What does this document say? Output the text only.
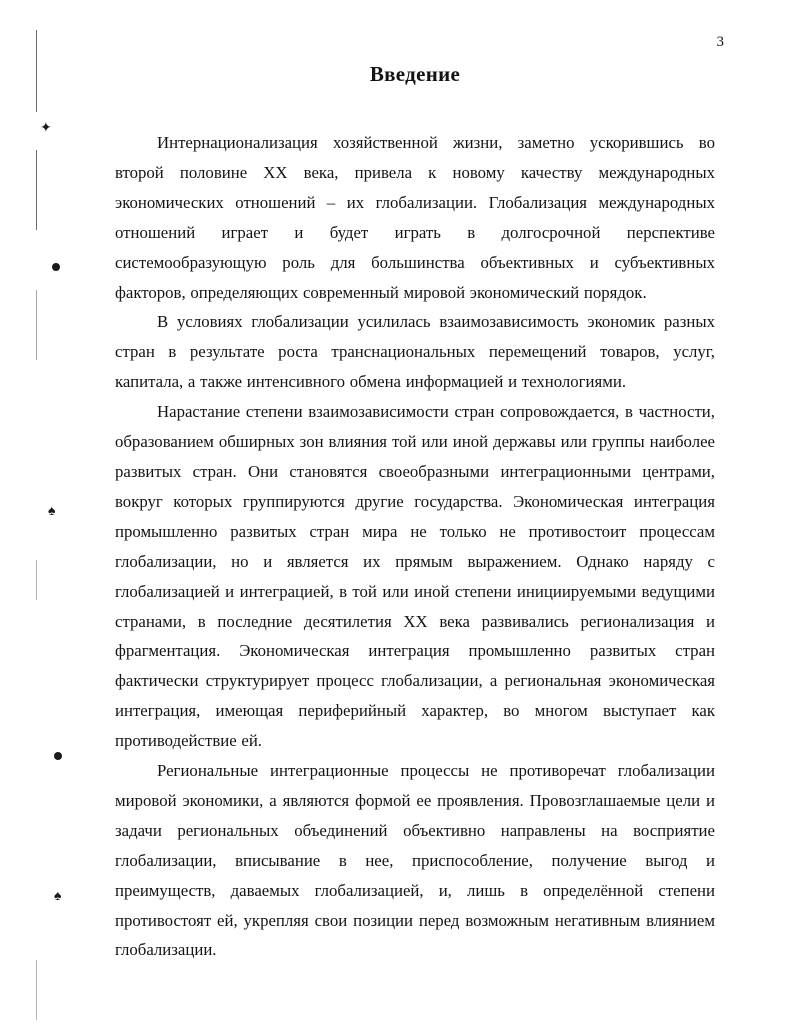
✦
♠
♠
3
Введение

Интернационализация хозяйственной жизни, заметно ускорившись во второй половине XX века, привела к новому качеству международных экономических отношений – их глобализации. Глобализация международных отношений играет и будет играть в долгосрочной перспективе системообразующую роль для большинства объективных и субъективных факторов, определяющих современный мировой экономический порядок.

В условиях глобализации усилилась взаимозависимость экономик разных стран в результате роста транснациональных перемещений товаров, услуг, капитала, а также интенсивного обмена информацией и технологиями.

Нарастание степени взаимозависимости стран сопровождается, в частности, образованием обширных зон влияния той или иной державы или группы наиболее развитых стран. Они становятся своеобразными интеграционными центрами, вокруг которых группируются другие государства. Экономическая интеграция промышленно развитых стран мира не только не противостоит процессам глобализации, но и является их прямым выражением. Однако наряду с глобализацией и интеграцией, в той или иной степени инициируемыми ведущими странами, в последние десятилетия XX века развивались регионализация и фрагментация. Экономическая интеграция промышленно развитых стран фактически структурирует процесс глобализации, а региональная экономическая интеграция, имеющая периферийный характер, во многом выступает как противодействие ей.

Региональные интеграционные процессы не противоречат глобализации мировой экономики, а являются формой ее проявления. Провозглашаемые цели и задачи региональных объединений объективно направлены на восприятие глобализации, вписывание в нее, приспособление, получение выгод и преимуществ, даваемых глобализацией, и, лишь в определённой степени противостоят ей, укрепляя свои позиции перед возможным негативным влиянием глобализации.
